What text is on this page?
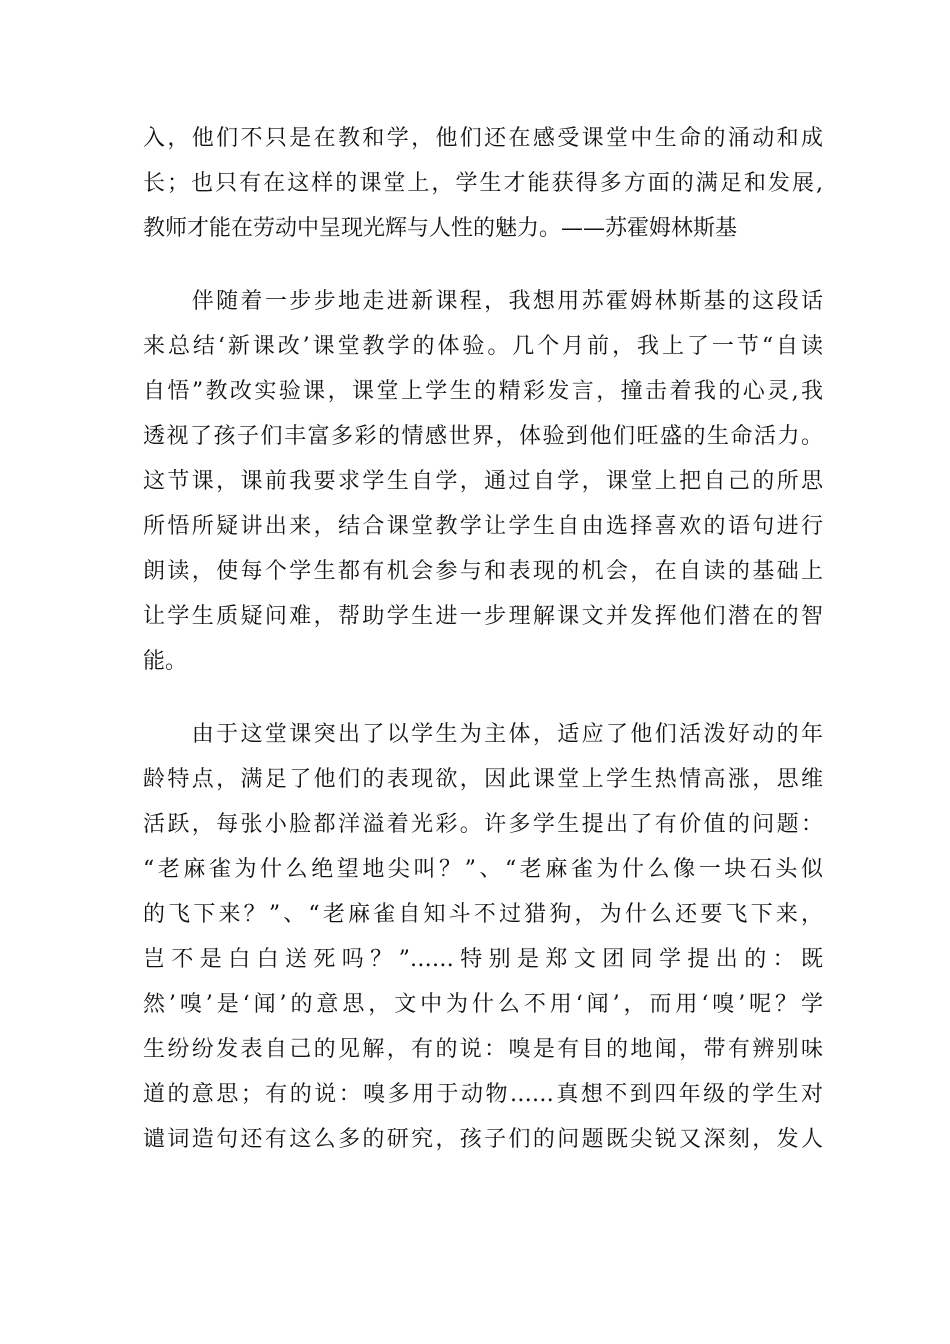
入，他们不只是在教和学，他们还在感受课堂中生命的涌动和成
长；也只有在这样的课堂上，学生才能获得多方面的满足和发展,
教师才能在劳动中呈现光辉与人性的魅力。——苏霍姆林斯基
　　伴随着一步步地走进新课程，我想用苏霍姆林斯基的这段话
来总结‘新课改’课堂教学的体验。几个月前，我上了一节“自读
自悟”教改实验课，课堂上学生的精彩发言，撞击着我的心灵,我
透视了孩子们丰富多彩的情感世界，体验到他们旺盛的生命活力。
这节课，课前我要求学生自学，通过自学，课堂上把自己的所思
所悟所疑讲出来，结合课堂教学让学生自由选择喜欢的语句进行
朗读，使每个学生都有机会参与和表现的机会，在自读的基础上
让学生质疑问难，帮助学生进一步理解课文并发挥他们潜在的智
能。
　　由于这堂课突出了以学生为主体，适应了他们活泼好动的年
龄特点，满足了他们的表现欲，因此课堂上学生热情高涨，思维
活跃，每张小脸都洋溢着光彩。许多学生提出了有价值的问题：
“老麻雀为什么绝望地尖叫？”、“老麻雀为什么像一块石头似
的飞下来？”、“老麻雀自知斗不过猎狗，为什么还要飞下来，
岂不是白白送死吗？”……特别是郑文团同学提出的：既
然’嗅’是‘闻’的意思，文中为什么不用‘闻’，而用‘嗅’呢？学
生纷纷发表自己的见解，有的说：嗅是有目的地闻，带有辨别味
道的意思；有的说：嗅多用于动物……真想不到四年级的学生对
谴词造句还有这么多的研究，孩子们的问题既尖锐又深刻，发人
